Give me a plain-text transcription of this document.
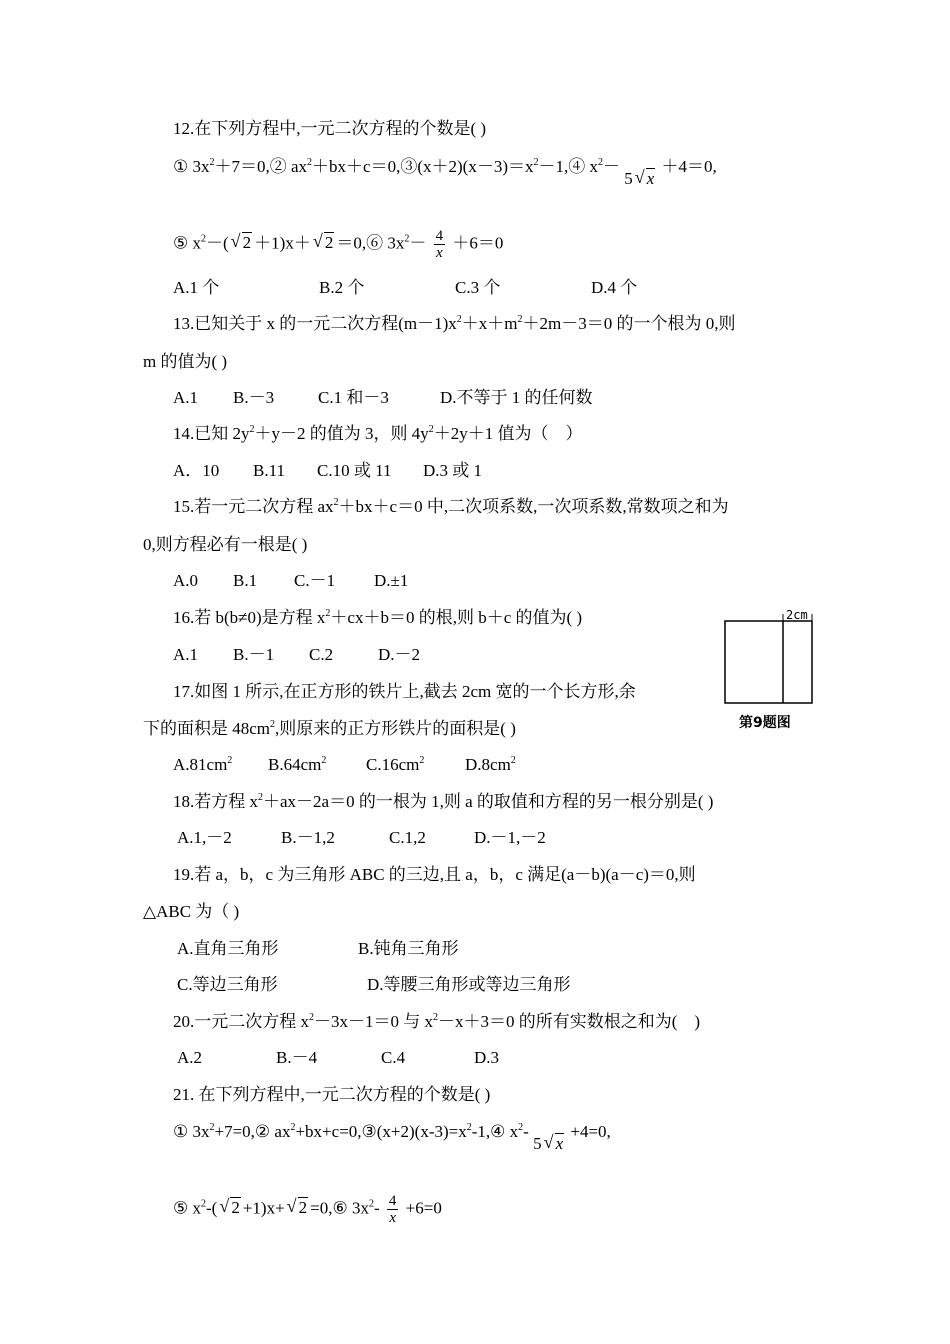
12.在下列方程中,一元二次方程的个数是( )
① $3x^2+7=0,②$ $ax^2+bx+c=0,③(x+2)(x-3)=x^2-1,④$ $x^2- 5$ √ x ＋4＝0,
⑤ $x^2-$( √ 2 ＋1)x＋ √ 2 ＝0,⑥ $3x^2- \frac{4}{x} +6=0$
A.1 个	B.2 个	C.3 个	D.4 个
13.已知关于 x 的一元二次方程$(m-1)x^2+x+m^2+2m-3=0$ 的一个根为 0,则
m 的值为( )
A.1 B.－3	C.1 和－3	D.不等于 1 的任何数
14.已知 $2y^2+y-2$ 的值为 3，则 $4y^2+2y+1$ 值为（　）
A．10 B.11 C.10 或 11 D.3 或 1
15.若一元二次方程 $ax^2+bx+c=0$ 中,二次项系数,一次项系数,常数项之和为
0,则方程必有一根是( )
A.0 B.1 C.－1 D.±1
16.若 b(b≠0)是方程 $x^2+cx+b=0$ 的根,则 b＋c 的值为( )
A.1 B.－1 C.2	D.－2
2cm
第9题图
17.如图 1 所示,在正方形的铁片上,截去 2cm 宽的一个长方形,余
下的面积是 $48cm^2$,则原来的正方形铁片的面积是( )
$A.81cm^2$ $B.64cm^2$ $C.16cm^2$ $D.8cm^2$
18.若方程 $x^2+ax-2a=0$ 的一根为 1,则 a 的取值和方程的另一根分别是( )
A.1,－2	B.－1,2	C.1,2	D.－1,－2
19.若 a，b，c 为三角形 ABC 的三边,且 a，b，c 满足(a－b)(a－c)＝0,则
△ABC 为（ )
A.直角三角形	B.钝角三角形
C.等边三角形	D.等腰三角形或等边三角形
20.一元二次方程 $x^2-3x-1=0$ 与 $x^2-x+3=0$ 的所有实数根之和为(　)
A.2	B.－4	C.4	D.3
21. 在下列方程中,一元二次方程的个数是( )
① $3x^2+7=0,②$ $ax^2+bx+c=0,③(x+2)(x-3)=x^2-1,④$ $x^2-$ 5 √ x +4=0,
⑤ $x^2-$( √ 2 +1)x+ √ 2 =0,⑥ $3x^2- \frac{4}{x} +6=0$
